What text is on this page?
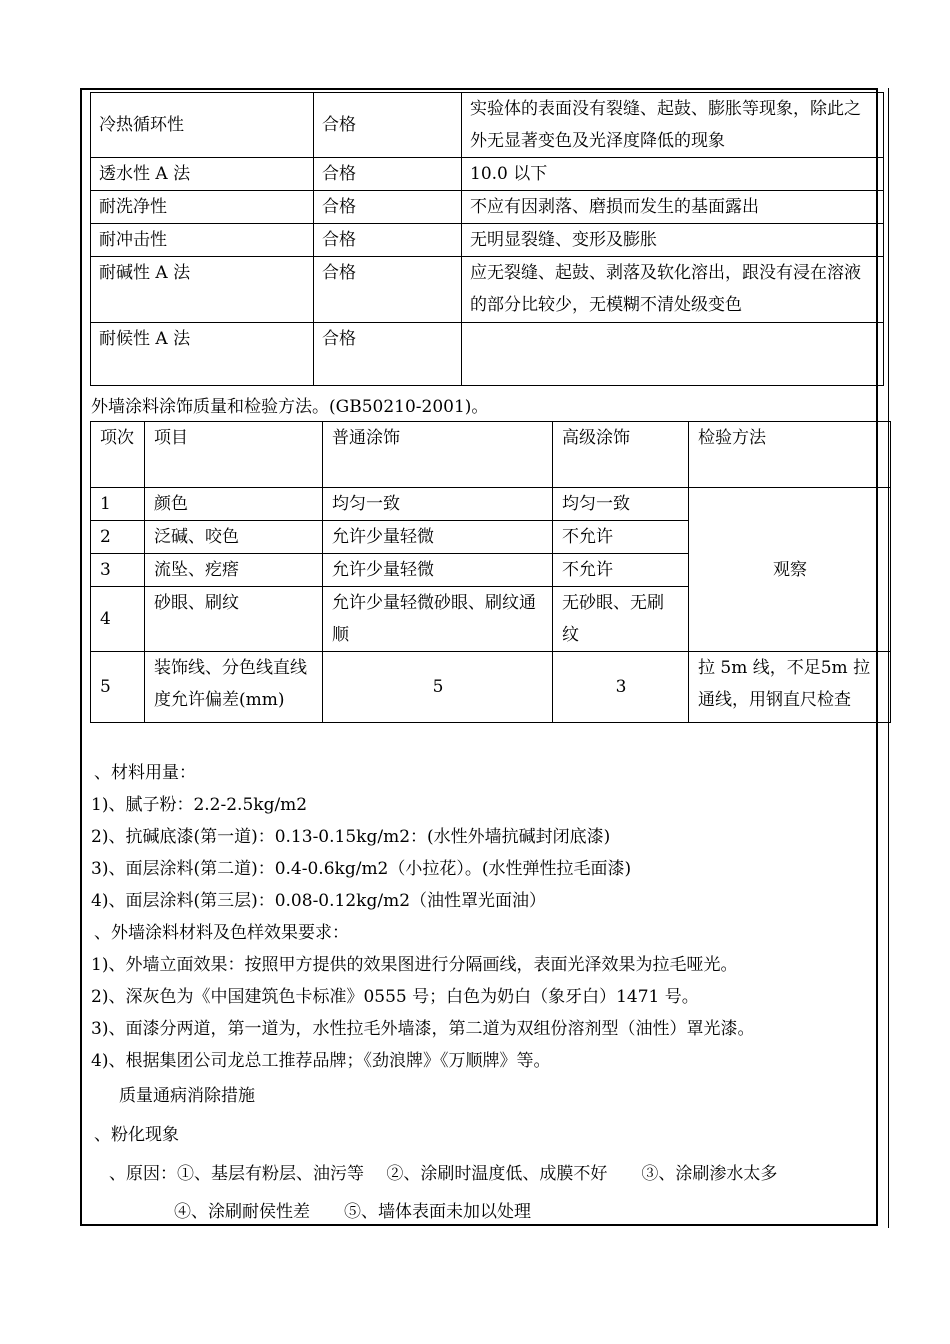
冷热循环性	合格	实验体的表面没有裂缝、起鼓、膨胀等现象，除此之外无显著变色及光泽度降低的现象
透水性 A 法	合格	10.0 以下
耐洗净性	合格	不应有因剥落、磨损而发生的基面露出
耐冲击性	合格	无明显裂缝、变形及膨胀
耐碱性 A 法	合格	应无裂缝、起鼓、剥落及软化溶出，跟没有浸在溶液的部分比较少，无模糊不清处级变色
耐候性 A 法	合格	
外墙涂料涂饰质量和检验方法。(GB50210-2001)。
项次	项目	普通涂饰	高级涂饰	检验方法
1	颜色	均匀一致	均匀一致	观察
2	泛碱、咬色	允许少量轻微	不允许	
3	流坠、疙瘩	允许少量轻微	不允许	
4	砂眼、刷纹	允许少量轻微砂眼、刷纹通顺	无砂眼、无刷纹	
5	装饰线、分色线直线度允许偏差(mm)	5	3	拉 5m 线，不足5m 拉通线，用钢直尺检查
、材料用量：
1)、腻子粉：2.2-2.5kg/m2
2)、抗碱底漆(第一道)：0.13-0.15kg/m2：(水性外墙抗碱封闭底漆)
3)、面层涂料(第二道)：0.4-0.6kg/m2（小拉花）。(水性弹性拉毛面漆)
4)、面层涂料(第三层)：0.08-0.12kg/m2（油性罩光面油）
、外墙涂料材料及色样效果要求：
1)、外墙立面效果：按照甲方提供的效果图进行分隔画线，表面光泽效果为拉毛哑光。
2)、深灰色为《中国建筑色卡标准》0555 号；白色为奶白（象牙白）1471 号。
3)、面漆分两道，第一道为，水性拉毛外墙漆，第二道为双组份溶剂型（油性）罩光漆。
4)、根据集团公司龙总工推荐品牌；《劲浪牌》《万顺牌》等。
质量通病消除措施
、粉化现象
、原因：①、基层有粉层、油污等　 ②、涂刷时温度低、成膜不好　　③、涂刷渗水太多
④、涂刷耐侯性差　　⑤、墙体表面未加以处理
